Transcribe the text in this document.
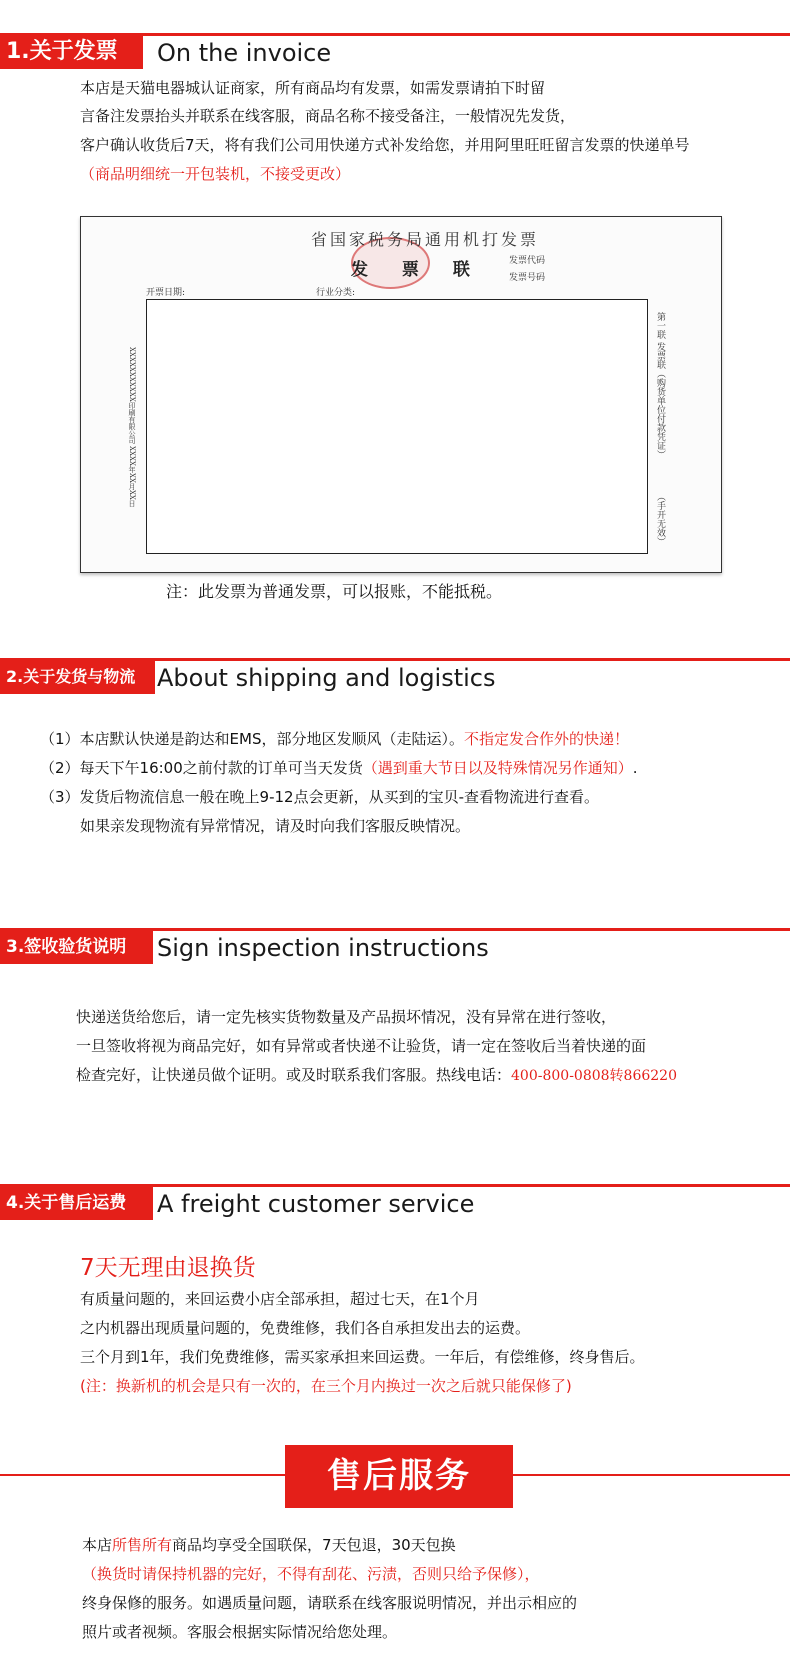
1.关于发票	On the invoice
本店是天猫电器城认证商家，所有商品均有发票，如需发票请拍下时留
言备注发票抬头并联系在线客服，商品名称不接受备注，一般情况先发货，
客户确认收货后7天，将有我们公司用快递方式补发给您，并用阿里旺旺留言发票的快递单号
（商品明细统一开包装机，不接受更改）
省国家税务局通用机打发票
发 票 联	发票代码
发票号码
开票日期:	行业分类:
第一联 发票联（购货单位付款凭证）
（手开无效）
XXXXXXXXXXX印刷有限公司 XXXX年XX月XX日
注：此发票为普通发票，可以报账，不能抵税。
2.关于发货与物流 About shipping and logistics
（1）本店默认快递是韵达和EMS，部分地区发顺风（走陆运）。不指定发合作外的快递！
（2）每天下午16:00之前付款的订单可当天发货（遇到重大节日以及特殊情况另作通知）.
（3）发货后物流信息一般在晚上9-12点会更新，从买到的宝贝-查看物流进行查看。
如果亲发现物流有异常情况，请及时向我们客服反映情况。
3.签收验货说明	Sign inspection instructions
快递送货给您后，请一定先核实货物数量及产品损坏情况，没有异常在进行签收，
一旦签收将视为商品完好，如有异常或者快递不让验货，请一定在签收后当着快递的面
检查完好，让快递员做个证明。或及时联系我们客服。热线电话：400-800-0808转866220
4.关于售后运费	A freight customer service
7天无理由退换货
有质量问题的，来回运费小店全部承担，超过七天，在1个月
之内机器出现质量问题的，免费维修，我们各自承担发出去的运费。
三个月到1年，我们免费维修，需买家承担来回运费。一年后，有偿维修，终身售后。
(注：换新机的机会是只有一次的，在三个月内换过一次之后就只能保修了)
售后服务
本店所售所有商品均享受全国联保，7天包退，30天包换
（换货时请保持机器的完好，不得有刮花、污渍，否则只给予保修），
终身保修的服务。如遇质量问题，请联系在线客服说明情况，并出示相应的
照片或者视频。客服会根据实际情况给您处理。
